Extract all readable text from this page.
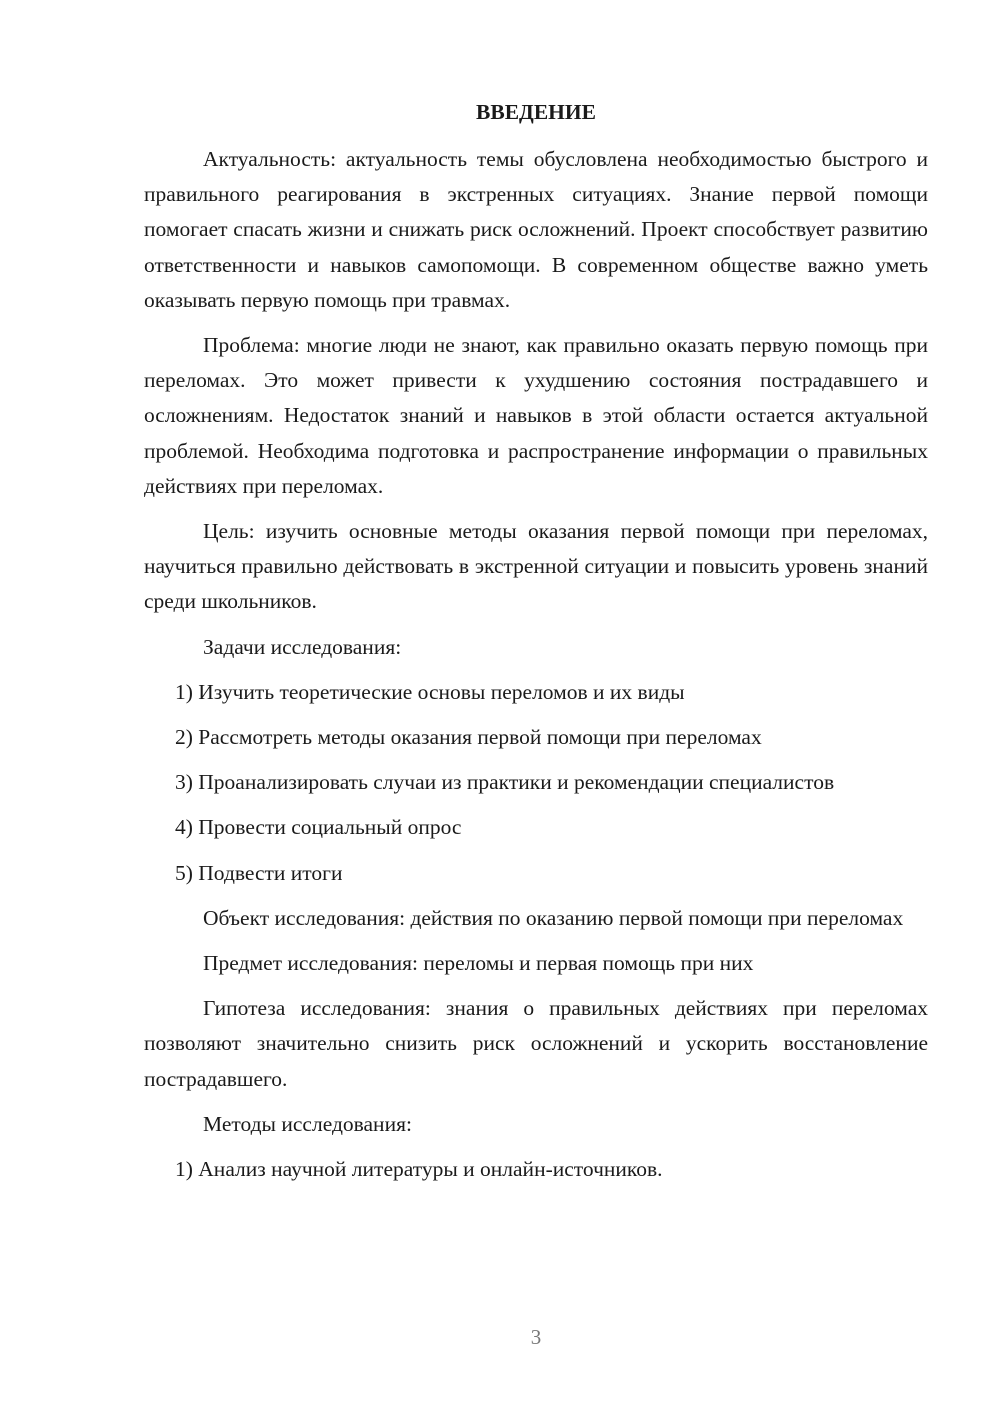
ВВЕДЕНИЕ

Актуальность: актуальность темы обусловлена необходимостью быстрого и правильного реагирования в экстренных ситуациях. Знание первой помощи помогает спасать жизни и снижать риск осложнений. Проект способствует развитию ответственности и навыков самопомощи. В современном обществе важно уметь оказывать первую помощь при травмах.

Проблема: многие люди не знают, как правильно оказать первую помощь при переломах. Это может привести к ухудшению состояния пострадавшего и осложнениям. Недостаток знаний и навыков в этой области остается актуальной проблемой. Необходима подготовка и распространение информации о правильных действиях при переломах.

Цель: изучить основные методы оказания первой помощи при переломах, научиться правильно действовать в экстренной ситуации и повысить уровень знаний среди школьников.

Задачи исследования:

1) Изучить теоретические основы переломов и их виды

2) Рассмотреть методы оказания первой помощи при переломах

3) Проанализировать случаи из практики и рекомендации специалистов

4) Провести социальный опрос

5) Подвести итоги

Объект исследования: действия по оказанию первой помощи при переломах

Предмет исследования: переломы и первая помощь при них

Гипотеза исследования: знания о правильных действиях при переломах позволяют значительно снизить риск осложнений и ускорить восстановление пострадавшего.

Методы исследования:

1) Анализ научной литературы и онлайн-источников.

3
